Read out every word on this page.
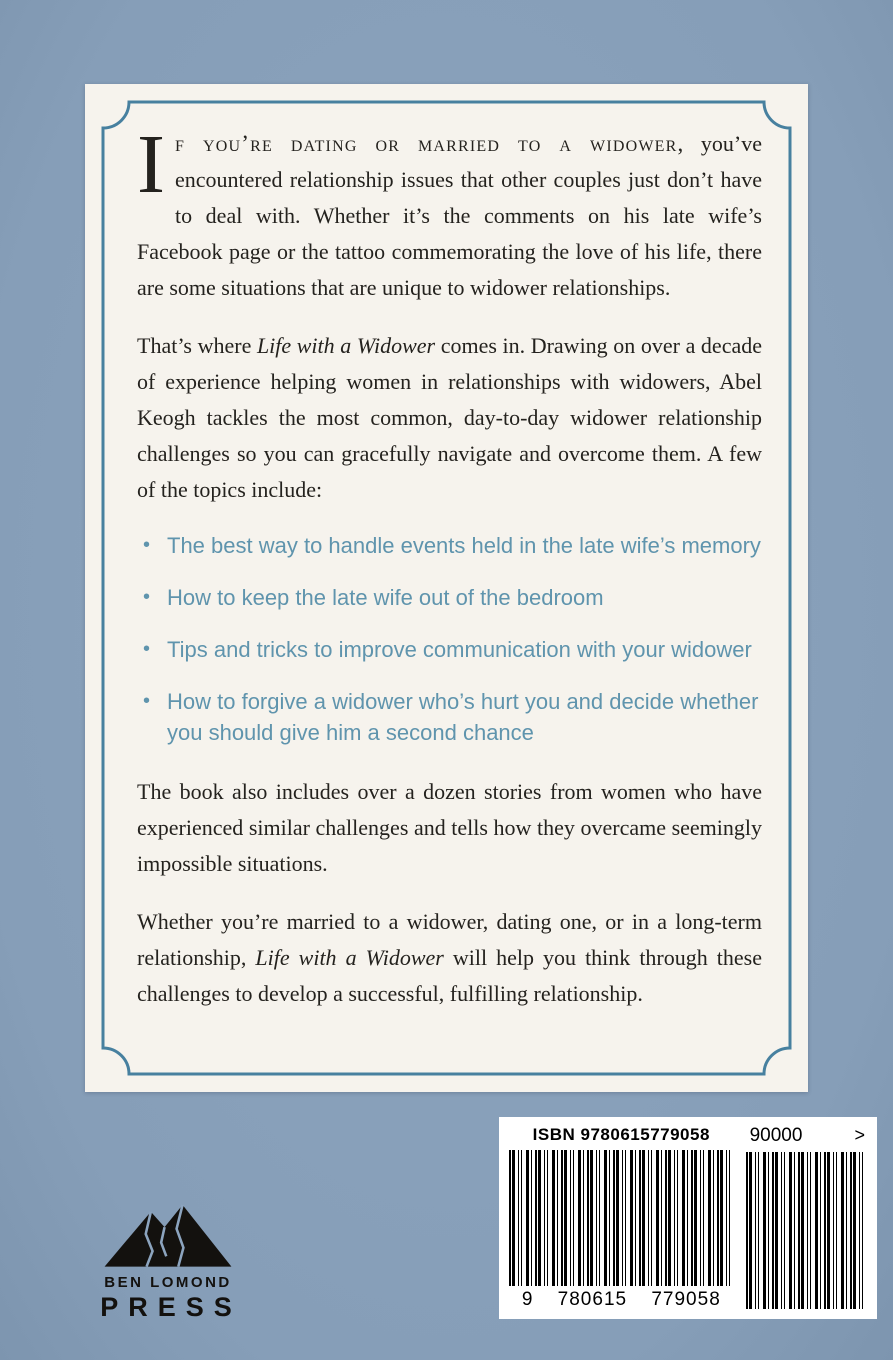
If you’re dating or married to a widower, you’ve encountered relationship issues that other couples just don’t have to deal with. Whether it’s the comments on his late wife’s Facebook page or the tattoo commemorating the love of his life, there are some situations that are unique to widower relationships.

That’s where Life with a Widower comes in. Drawing on over a decade of experience helping women in relationships with widowers, Abel Keogh tackles the most common, day-to-day widower relationship challenges so you can gracefully navigate and overcome them. A few of the topics include:

• The best way to handle events held in the late wife’s memory
• How to keep the late wife out of the bedroom
• Tips and tricks to improve communication with your widower
• How to forgive a widower who’s hurt you and decide whether you should give him a second chance

The book also includes over a dozen stories from women who have experienced similar challenges and tells how they overcame seemingly impossible situations.

Whether you’re married to a widower, dating one, or in a long-term relationship, Life with a Widower will help you think through these challenges to develop a successful, fulfilling relationship.

BEN LOMOND
PRESS
ISBN 9780615779058
9 780615 779058
90000	>
